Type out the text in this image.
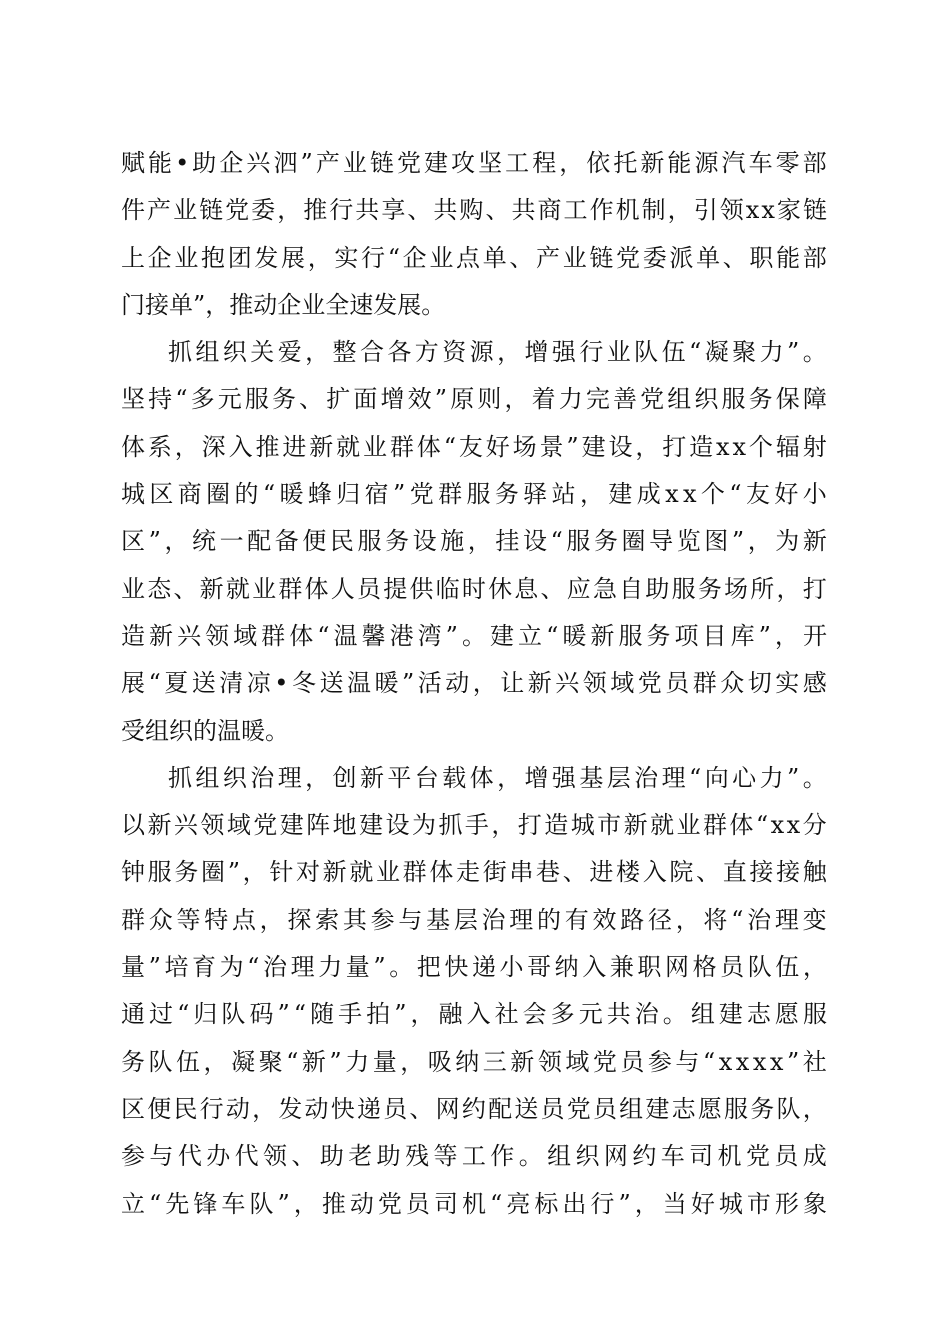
赋 能 • 助 企 兴 泗 ” 产 业 链 党 建 攻 坚 工 程 ， 依 托 新 能 源 汽 车 零 部
件 产 业 链 党 委 ， 推 行 共 享 、 共 购 、 共 商 工 作 机 制 ， 引 领 x x 家 链
上 企 业 抱 团 发 展 ， 实 行 “ 企 业 点 单 、 产 业 链 党 委 派 单 、 职 能 部
门接单”，推动企业全速发展。
抓 组 织 关 爱 ， 整 合 各 方 资 源 ， 增 强 行 业 队 伍 “ 凝 聚 力 ” 。
坚 持 “ 多 元 服 务 、 扩 面 增 效 ” 原 则 ， 着 力 完 善 党 组 织 服 务 保 障
体 系 ， 深 入 推 进 新 就 业 群 体 “ 友 好 场 景 ” 建 设 ， 打 造 x x 个 辐 射
城 区 商 圈 的 “ 暖 蜂 归 宿 ” 党 群 服 务 驿 站 ， 建 成 x x 个 “ 友 好 小
区 ” ， 统 一 配 备 便 民 服 务 设 施 ， 挂 设 “ 服 务 圈 导 览 图 ” ， 为 新
业 态 、 新 就 业 群 体 人 员 提 供 临 时 休 息 、 应 急 自 助 服 务 场 所 ， 打
造 新 兴 领 域 群 体 “ 温 馨 港 湾 ” 。 建 立 “ 暖 新 服 务 项 目 库 ” ， 开
展 “ 夏 送 清 凉 • 冬 送 温 暖 ” 活 动 ， 让 新 兴 领 域 党 员 群 众 切 实 感
受组织的温暖。
抓 组 织 治 理 ， 创 新 平 台 载 体 ， 增 强 基 层 治 理 “ 向 心 力 ” 。
以 新 兴 领 域 党 建 阵 地 建 设 为 抓 手 ， 打 造 城 市 新 就 业 群 体 “ x x 分
钟 服 务 圈 ” ， 针 对 新 就 业 群 体 走 街 串 巷 、 进 楼 入 院 、 直 接 接 触
群 众 等 特 点 ， 探 索 其 参 与 基 层 治 理 的 有 效 路 径 ， 将 “ 治 理 变
量 ” 培 育 为 “ 治 理 力 量 ” 。 把 快 递 小 哥 纳 入 兼 职 网 格 员 队 伍 ，
通 过 “ 归 队 码 ” “ 随 手 拍 ” ， 融 入 社 会 多 元 共 治 。 组 建 志 愿 服
务 队 伍 ， 凝 聚 “ 新 ” 力 量 ， 吸 纳 三 新 领 域 党 员 参 与 “ x x x x ” 社
区 便 民 行 动 ， 发 动 快 递 员 、 网 约 配 送 员 党 员 组 建 志 愿 服 务 队 ，
参 与 代 办 代 领 、 助 老 助 残 等 工 作 。 组 织 网 约 车 司 机 党 员 成
立 “ 先 锋 车 队 ” ， 推 动 党 员 司 机 “ 亮 标 出 行 ” ， 当 好 城 市 形 象
